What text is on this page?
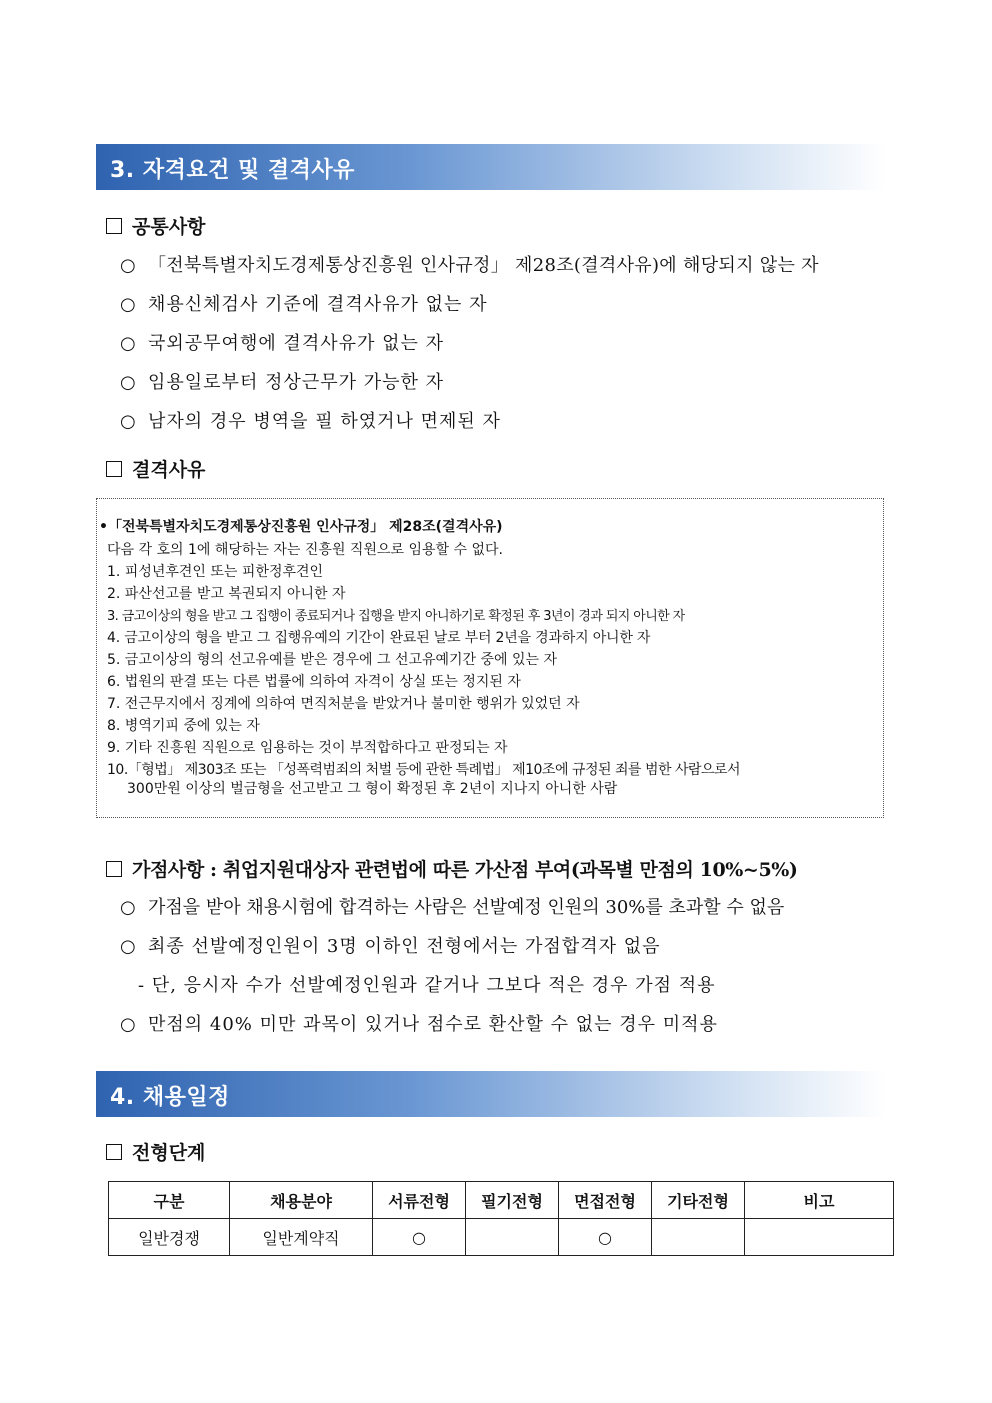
3. 자격요건 및 결격사유
공통사항
○ 「전북특별자치도경제통상진흥원 인사규정」 제28조(결격사유)에 해당되지 않는 자
○ 채용신체검사 기준에 결격사유가 없는 자
○ 국외공무여행에 결격사유가 없는 자
○ 임용일로부터 정상근무가 가능한 자
○ 남자의 경우 병역을 필 하였거나 면제된 자
결격사유
•「전북특별자치도경제통상진흥원 인사규정」 제28조(결격사유)
다음 각 호의 1에 해당하는 자는 진흥원 직원으로 임용할 수 없다.
1. 피성년후견인 또는 피한정후견인
2. 파산선고를 받고 복권되지 아니한 자
3. 금고이상의 형을 받고 그 집행이 종료되거나 집행을 받지 아니하기로 확정된 후 3년이 경과 되지 아니한 자
4. 금고이상의 형을 받고 그 집행유예의 기간이 완료된 날로 부터 2년을 경과하지 아니한 자
5. 금고이상의 형의 선고유예를 받은 경우에 그 선고유예기간 중에 있는 자
6. 법원의 판결 또는 다른 법률에 의하여 자격이 상실 또는 정지된 자
7. 전근무지에서 징계에 의하여 면직처분을 받았거나 불미한 행위가 있었던 자
8. 병역기피 중에 있는 자
9. 기타 진흥원 직원으로 임용하는 것이 부적합하다고 판정되는 자
10.「형법」 제303조 또는 「성폭력범죄의 처벌 등에 관한 특례법」 제10조에 규정된 죄를 범한 사람으로서
300만원 이상의 벌금형을 선고받고 그 형이 확정된 후 2년이 지나지 아니한 사람
가점사항 : 취업지원대상자 관련법에 따른 가산점 부여(과목별 만점의 10%~5%)
○ 가점을 받아 채용시험에 합격하는 사람은 선발예정 인원의 30%를 초과할 수 없음
○ 최종 선발예정인원이 3명 이하인 전형에서는 가점합격자 없음
- 단, 응시자 수가 선발예정인원과 같거나 그보다 적은 경우 가점 적용
○ 만점의 40% 미만 과목이 있거나 점수로 환산할 수 없는 경우 미적용
4. 채용일정
전형단계
구분	채용분야	서류전형	필기전형	면접전형	기타전형	비고
일반경쟁	일반계약직	○		○		
